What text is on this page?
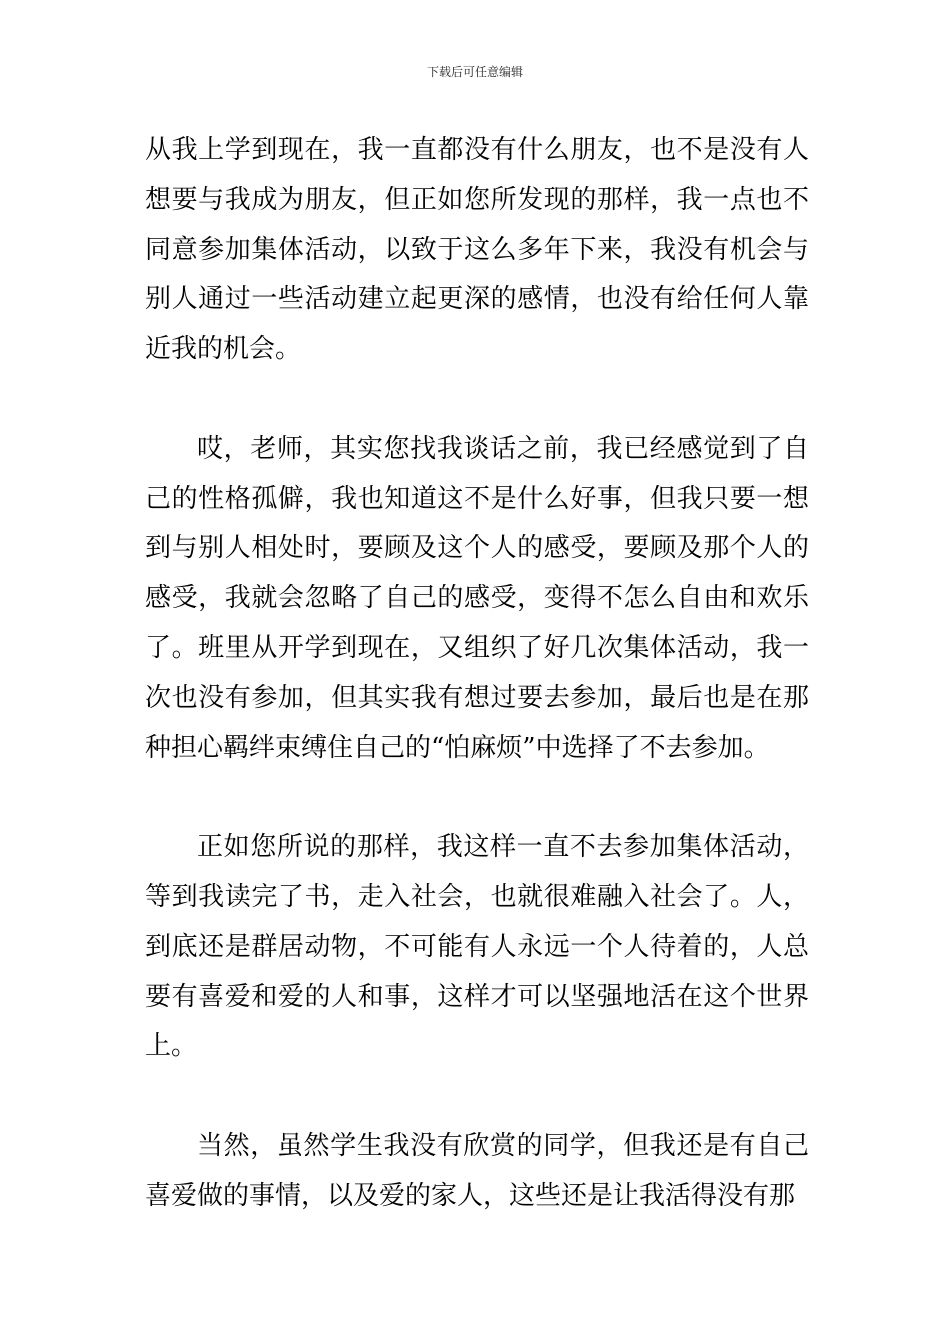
下载后可任意编辑

从我上学到现在，我一直都没有什么朋友，也不是没有人想要与我成为朋友，但正如您所发现的那样，我一点也不同意参加集体活动，以致于这么多年下来，我没有机会与别人通过一些活动建立起更深的感情，也没有给任何人靠近我的机会。

哎，老师，其实您找我谈话之前，我已经感觉到了自己的性格孤僻，我也知道这不是什么好事，但我只要一想到与别人相处时，要顾及这个人的感受，要顾及那个人的感受，我就会忽略了自己的感受，变得不怎么自由和欢乐了。班里从开学到现在，又组织了好几次集体活动，我一次也没有参加，但其实我有想过要去参加，最后也是在那种担心羁绊束缚住自己的“怕麻烦”中选择了不去参加。

正如您所说的那样，我这样一直不去参加集体活动，等到我读完了书，走入社会，也就很难融入社会了。人，到底还是群居动物，不可能有人永远一个人待着的，人总要有喜爱和爱的人和事，这样才可以坚强地活在这个世界上。

当然，虽然学生我没有欣赏的同学，但我还是有自己喜爱做的事情，以及爱的家人，这些还是让我活得没有那
